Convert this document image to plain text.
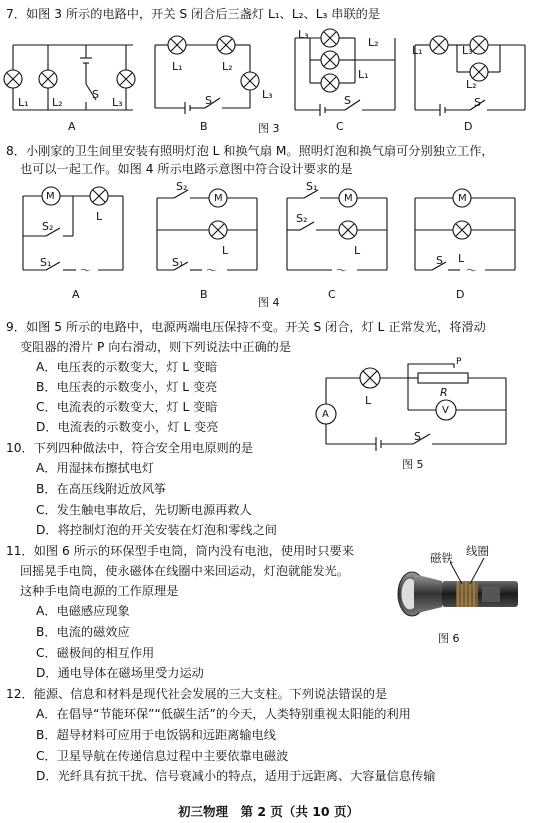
7．如图 3 所示的电路中，开关 S 闭合后三盏灯 L₁、L₂、L₃ 串联的是
L₁ L₂
S
L₃
A
L₁	L₂
L₃
S
B	图 3
L₃
L₂
L₁
S
C
L₁	L₃
L₂
S
D
8．小刚家的卫生间里安装有照明灯泡 L 和换气扇 M。照明灯泡和换气扇可分别独立工作，
也可以一起工作。如图 4 所示电路示意图中符合设计要求的是
M
L
S₂
S₁
～
A
S₂
M
L
S₁
～
B
图 4
S₁
M
S₂
L
～
C
M
S L
～
D
9．如图 5 所示的电路中，电源两端电压保持不变。开关 S 闭合，灯 L 正常发光，将滑动
变阻器的滑片 P 向右滑动，则下列说法中正确的是
A．电压表的示数变大，灯 L 变暗
B．电压表的示数变小，灯 L 变亮
C．电流表的示数变大，灯 L 变暗
D．电流表的示数变小，灯 L 变亮
A	V
L
R
P
S
图 5
10．下列四种做法中，符合安全用电原则的是
A．用湿抹布擦拭电灯
B．在高压线附近放风筝
C．发生触电事故后，先切断电源再救人
D．将控制灯泡的开关安装在灯泡和零线之间
11．如图 6 所示的环保型手电筒，筒内没有电池，使用时只要来
回摇晃手电筒，使永磁体在线圈中来回运动，灯泡就能发光。
这种手电筒电源的工作原理是
A．电磁感应现象
B．电流的磁效应
C．磁极间的相互作用
D．通电导体在磁场里受力运动
磁铁 线圈
图 6
12．能源、信息和材料是现代社会发展的三大支柱。下列说法错误的是
A．在倡导“节能环保”“低碳生活”的今天，人类特别重视太阳能的利用
B．超导材料可应用于电饭锅和远距离输电线
C．卫星导航在传递信息过程中主要依靠电磁波
D．光纤具有抗干扰、信号衰减小的特点，适用于远距离、大容量信息传输
初三物理　第 2 页（共 10 页）
